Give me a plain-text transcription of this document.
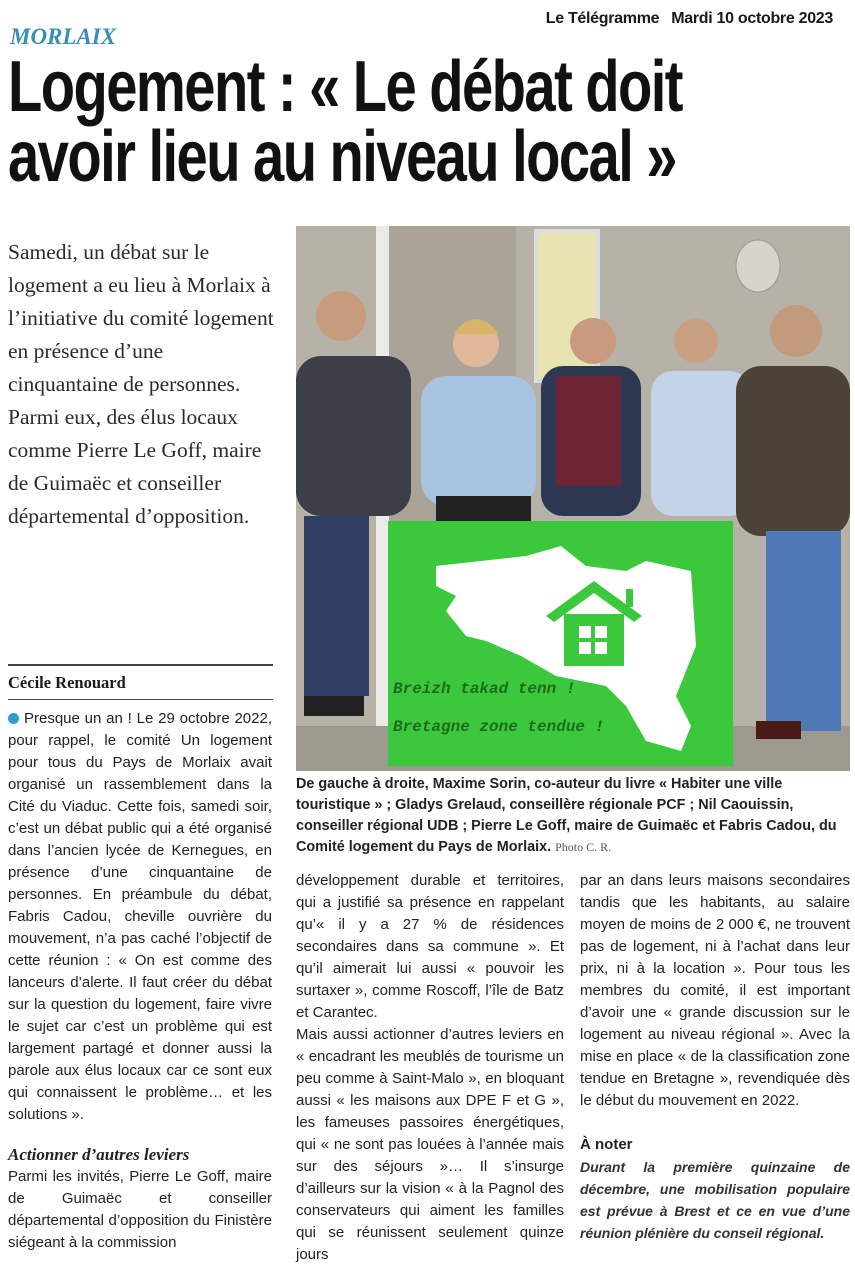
Le Télégramme Mardi 10 octobre 2023
MORLAIX
Logement : « Le débat doit
avoir lieu au niveau local »

Samedi, un débat sur le logement a eu lieu à Morlaix à l’initiative du comité logement en présence d’une cinquantaine de personnes. Parmi eux, des élus locaux comme Pierre Le Goff, maire de Guimaëc et conseiller départemental d’opposition.

Cécile Renouard

Presque un an ! Le 29 octobre 2022, pour rappel, le comité Un logement pour tous du Pays de Morlaix avait organisé un rassemblement dans la Cité du Viaduc. Cette fois, samedi soir, c’est un débat public qui a été organisé dans l’ancien lycée de Kernegues, en présence d’une cinquantaine de personnes. En préambule du débat, Fabris Cadou, cheville ouvrière du mouvement, n’a pas caché l’objectif de cette réunion : « On est comme des lanceurs d’alerte. Il faut créer du débat sur la question du logement, faire vivre le sujet car c’est un problème qui est largement partagé et donner aussi la parole aux élus locaux car ce sont eux qui connaissent le problème… et les solutions ».

Actionner d’autres leviers

Parmi les invités, Pierre Le Goff, maire de Guimaëc et conseiller départemental d’opposition du Finistère siégeant à la commission

Breizh takad tenn !
Bretagne zone tendue !

De gauche à droite, Maxime Sorin, co-auteur du livre « Habiter une ville touristique » ; Gladys Grelaud, conseillère régionale PCF ; Nil Caouissin, conseiller régional UDB ; Pierre Le Goff, maire de Guimaëc et Fabris Cadou, du Comité logement du Pays de Morlaix. Photo C. R.

développement durable et territoires, qui a justifié sa présence en rappelant qu’« il y a 27 % de résidences secondaires dans sa commune ». Et qu’il aimerait lui aussi « pouvoir les surtaxer », comme Roscoff, l’île de Batz et Carantec.

Mais aussi actionner d’autres leviers en « encadrant les meublés de tourisme un peu comme à Saint-Malo », en bloquant aussi « les maisons aux DPE F et G », les fameuses passoires énergétiques, qui « ne sont pas louées à l’année mais sur des séjours »… Il s’insurge d’ailleurs sur la vision « à la Pagnol des conservateurs qui aiment les familles qui se réunissent seulement quinze jours

par an dans leurs maisons secondaires tandis que les habitants, au salaire moyen de moins de 2 000 €, ne trouvent pas de logement, ni à l’achat dans leur prix, ni à la location ». Pour tous les membres du comité, il est important d’avoir une « grande discussion sur le logement au niveau régional ». Avec la mise en place « de la classification zone tendue en Bretagne », revendiquée dès le début du mouvement en 2022.

À noter

Durant la première quinzaine de décembre, une mobilisation populaire est prévue à Brest et ce en vue d’une réunion plénière du conseil régional.
